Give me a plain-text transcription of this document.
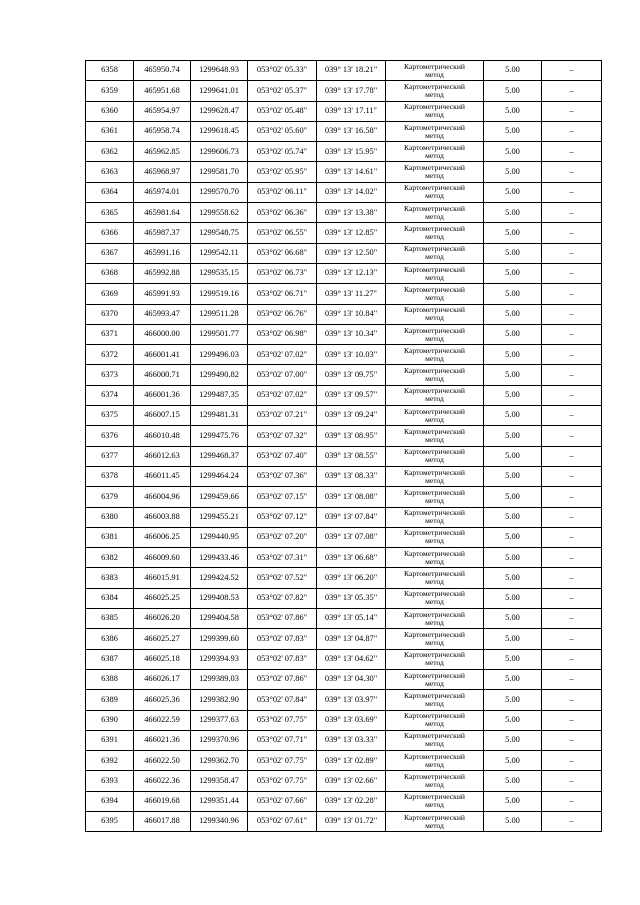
6358	465950.74	1299648.93	053°02' 05.33"	039° 13' 18.21"	Картометрический
метод	5.00	–
6359	465951.68	1299641.01	053°02' 05.37"	039° 13' 17.78"	Картометрический
метод	5.00	–
6360	465954.97	1299628.47	053°02' 05.48"	039° 13' 17.11"	Картометрический
метод	5.00	–
6361	465958.74	1299618.45	053°02' 05.60"	039° 13' 16.58"	Картометрический
метод	5.00	–
6362	465962.85	1299606.73	053°02' 05.74"	039° 13' 15.95"	Картометрический
метод	5.00	–
6363	465968.97	1299581.70	053°02' 05.95"	039° 13' 14.61"	Картометрический
метод	5.00	–
6364	465974.01	1299570.70	053°02' 06.11"	039° 13' 14.02"	Картометрический
метод	5.00	–
6365	465981.64	1299558.62	053°02' 06.36"	039° 13' 13.38"	Картометрический
метод	5.00	–
6366	465987.37	1299548.75	053°02' 06.55"	039° 13' 12.85"	Картометрический
метод	5.00	–
6367	465991.16	1299542.11	053°02' 06.68"	039° 13' 12.50"	Картометрический
метод	5.00	–
6368	465992.88	1299535.15	053°02' 06.73"	039° 13' 12.13"	Картометрический
метод	5.00	–
6369	465991.93	1299519.16	053°02' 06.71"	039° 13' 11.27"	Картометрический
метод	5.00	–
6370	465993.47	1299511.28	053°02' 06.76"	039° 13' 10.84"	Картометрический
метод	5.00	–
6371	466000.00	1299501.77	053°02' 06.98"	039° 13' 10.34"	Картометрический
метод	5.00	–
6372	466001.41	1299496.03	053°02' 07.02"	039° 13' 10.03"	Картометрический
метод	5.00	–
6373	466000.71	1299490.82	053°02' 07.00"	039° 13' 09.75"	Картометрический
метод	5.00	–
6374	466001.36	1299487.35	053°02' 07.02"	039° 13' 09.57"	Картометрический
метод	5.00	–
6375	466007.15	1299481.31	053°02' 07.21"	039° 13' 09.24"	Картометрический
метод	5.00	–
6376	466010.48	1299475.76	053°02' 07.32"	039° 13' 08.95"	Картометрический
метод	5.00	–
6377	466012.63	1299468.37	053°02' 07.40"	039° 13' 08.55"	Картометрический
метод	5.00	–
6378	466011.45	1299464.24	053°02' 07.36"	039° 13' 08.33"	Картометрический
метод	5.00	–
6379	466004.96	1299459.66	053°02' 07.15"	039° 13' 08.08"	Картометрический
метод	5.00	–
6380	466003.88	1299455.21	053°02' 07.12"	039° 13' 07.84"	Картометрический
метод	5.00	–
6381	466006.25	1299440.95	053°02' 07.20"	039° 13' 07.08"	Картометрический
метод	5.00	–
6382	466009.60	1299433.46	053°02' 07.31"	039° 13' 06.68"	Картометрический
метод	5.00	–
6383	466015.91	1299424.52	053°02' 07.52"	039° 13' 06.20"	Картометрический
метод	5.00	–
6384	466025.25	1299408.53	053°02' 07.82"	039° 13' 05.35"	Картометрический
метод	5.00	–
6385	466026.20	1299404.58	053°02' 07.86"	039° 13' 05.14"	Картометрический
метод	5.00	–
6386	466025.27	1299399.60	053°02' 07.83"	039° 13' 04.87"	Картометрический
метод	5.00	–
6387	466025.18	1299394.93	053°02' 07.83"	039° 13' 04.62"	Картометрический
метод	5.00	–
6388	466026.17	1299389.03	053°02' 07.86"	039° 13' 04.30"	Картометрический
метод	5.00	–
6389	466025.36	1299382.90	053°02' 07.84"	039° 13' 03.97"	Картометрический
метод	5.00	–
6390	466022.59	1299377.63	053°02' 07.75"	039° 13' 03.69"	Картометрический
метод	5.00	–
6391	466021.36	1299370.96	053°02' 07.71"	039° 13' 03.33"	Картометрический
метод	5.00	–
6392	466022.50	1299362.70	053°02' 07.75"	039° 13' 02.89"	Картометрический
метод	5.00	–
6393	466022.36	1299358.47	053°02' 07.75"	039° 13' 02.66"	Картометрический
метод	5.00	–
6394	466019.68	1299351.44	053°02' 07.66"	039° 13' 02.28"	Картометрический
метод	5.00	–
6395	466017.88	1299340.96	053°02' 07.61"	039° 13' 01.72"	Картометрический
метод	5.00	–
